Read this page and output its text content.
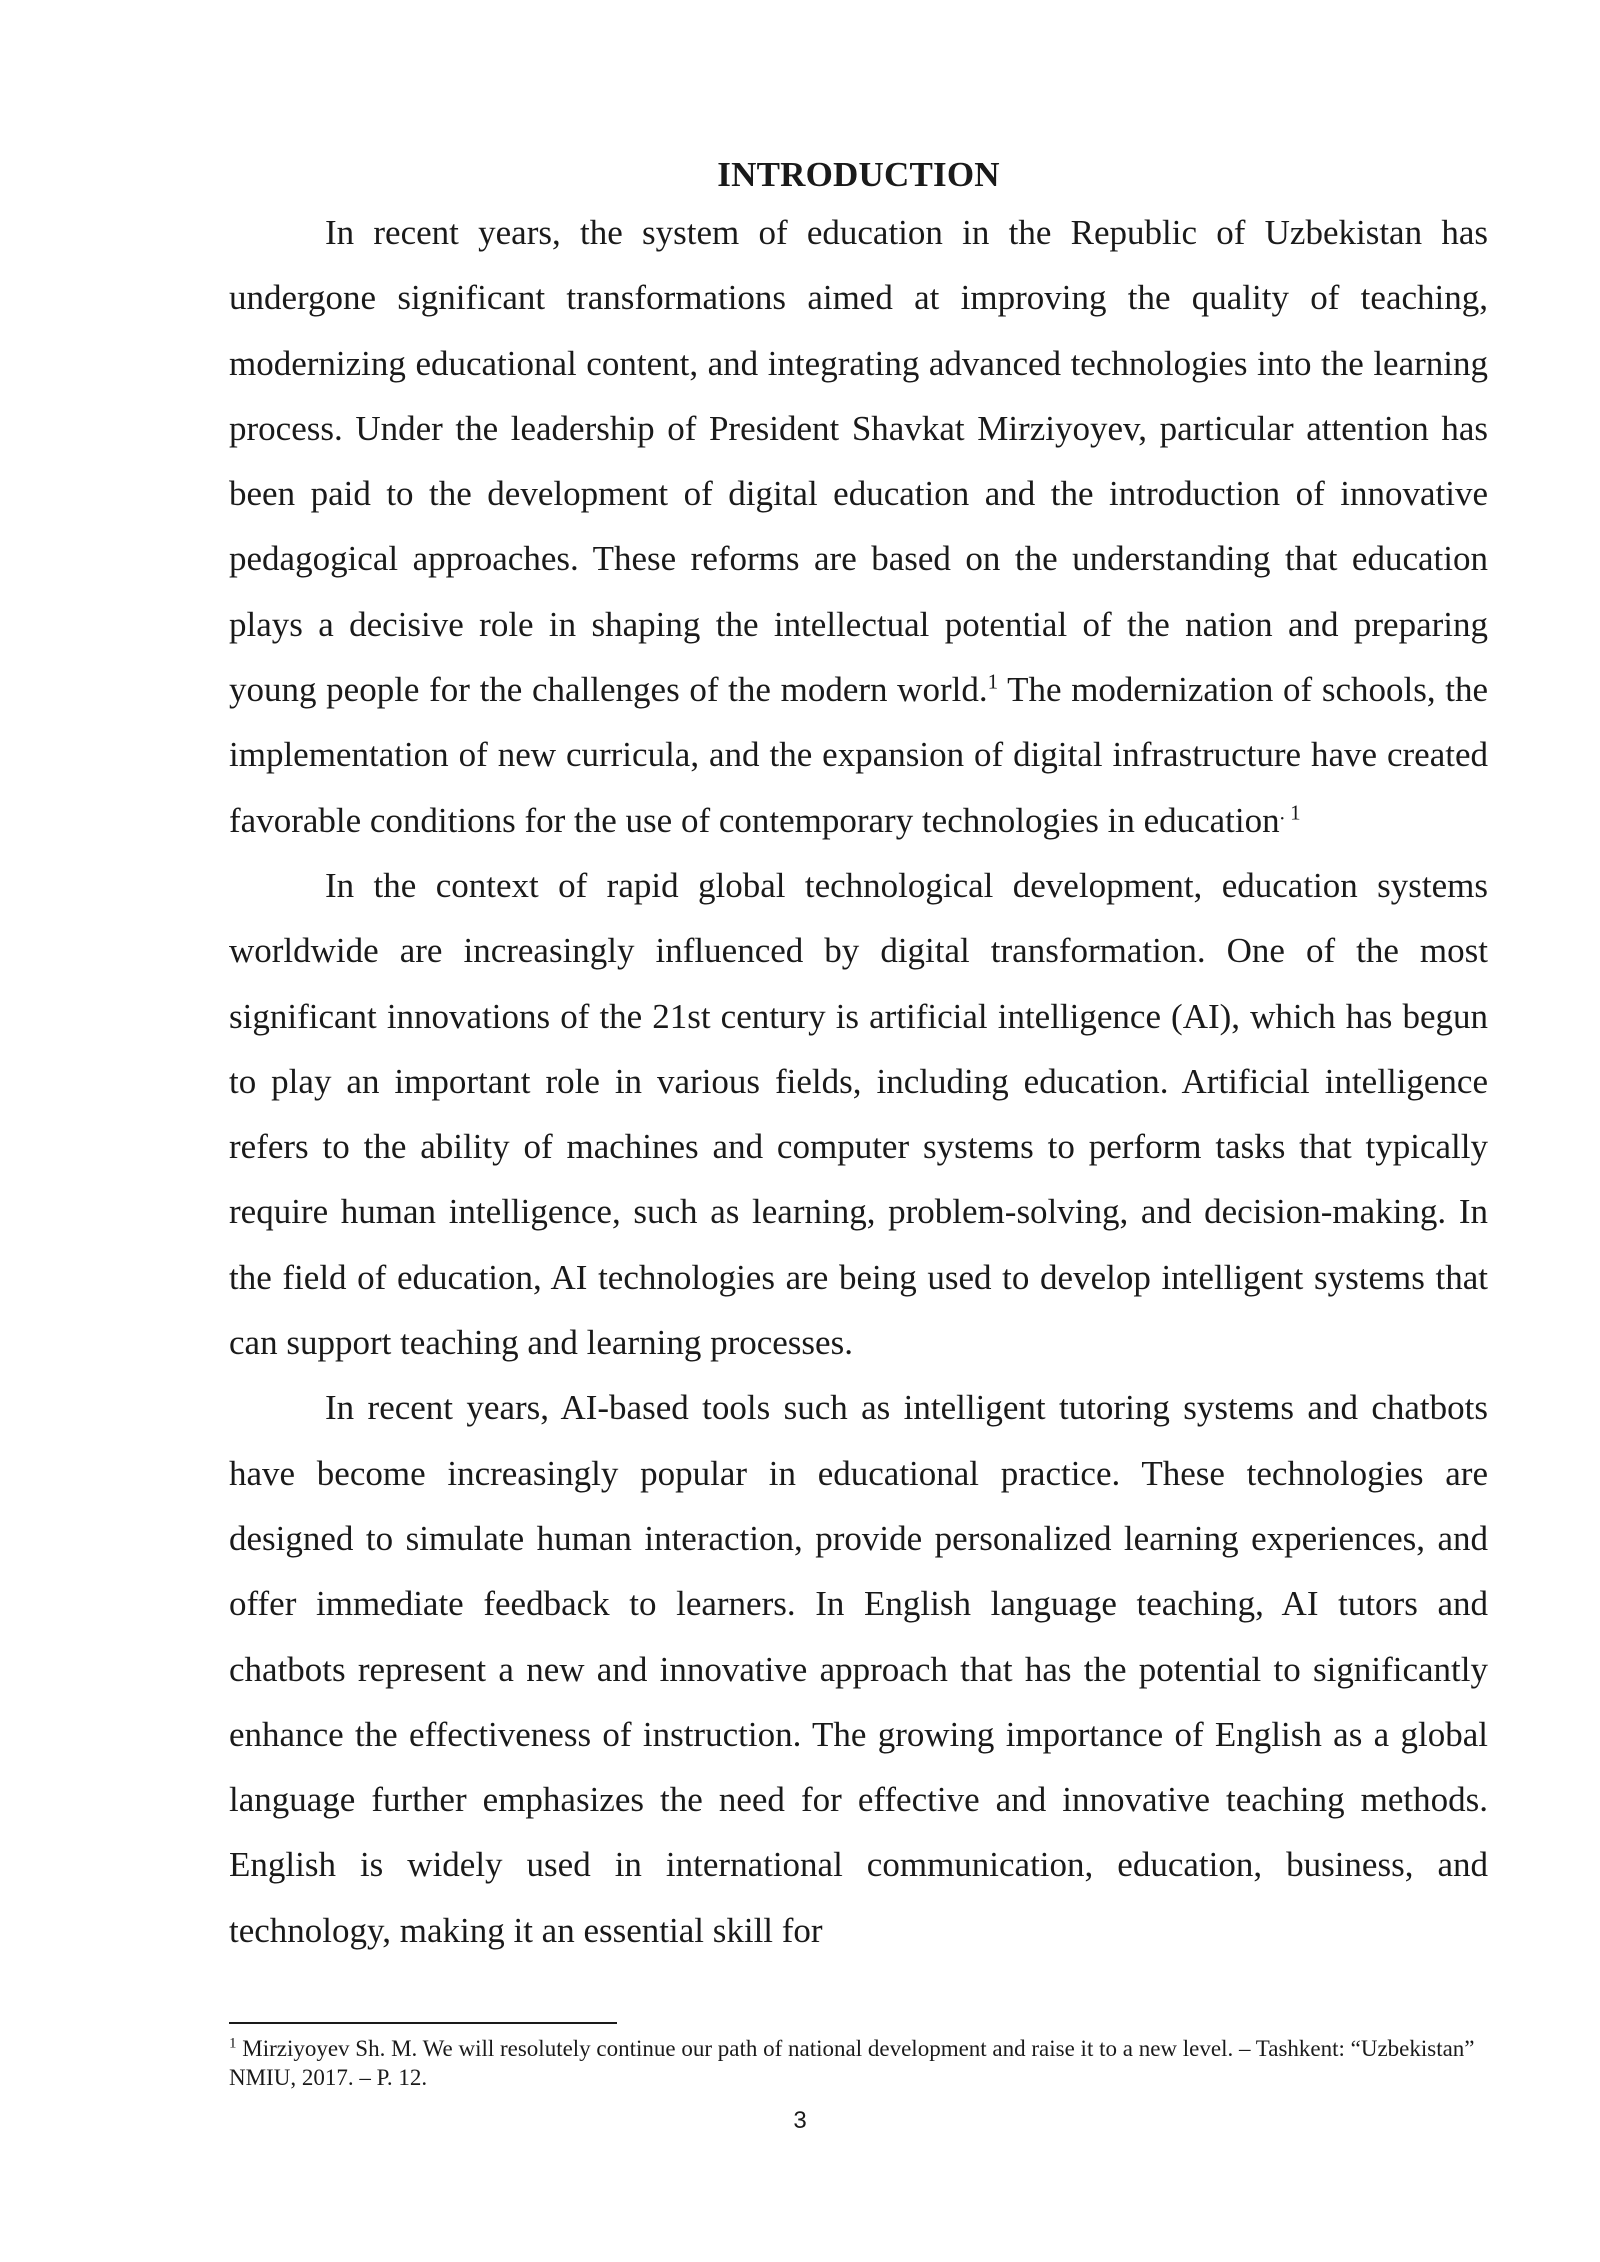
INTRODUCTION

In recent years, the system of education in the Republic of Uzbekistan has undergone significant transformations aimed at improving the quality of teaching, modernizing educational content, and integrating advanced technologies into the learning process. Under the leadership of President Shavkat Mirziyoyev, particular attention has been paid to the development of digital education and the introduction of innovative pedagogical approaches. These reforms are based on the understanding that education plays a decisive role in shaping the intellectual potential of the nation and preparing young people for the challenges of the modern world.$^1$ The modernization of schools, the implementation of new curricula, and the expansion of digital infrastructure have created favorable conditions for the use of contemporary technologies in education$^{. 1}$

In the context of rapid global technological development, education systems worldwide are increasingly influenced by digital transformation. One of the most significant innovations of the 21st century is artificial intelligence (AI), which has begun to play an important role in various fields, including education. Artificial intelligence refers to the ability of machines and computer systems to perform tasks that typically require human intelligence, such as learning, problem-solving, and decision-making. In the field of education, AI technologies are being used to develop intelligent systems that can support teaching and learning processes.

In recent years, AI-based tools such as intelligent tutoring systems and chatbots have become increasingly popular in educational practice. These technologies are designed to simulate human interaction, provide personalized learning experiences, and offer immediate feedback to learners. In English language teaching, AI tutors and chatbots represent a new and innovative approach that has the potential to significantly enhance the effectiveness of instruction. The growing importance of English as a global language further emphasizes the need for effective and innovative teaching methods. English is widely used in international communication, education, business, and technology, making it an essential skill for

$^1$ Mirziyoyev Sh. M. We will resolutely continue our path of national development and raise it to a new level. – Tashkent: “Uzbekistan” NMIU, 2017. – P. 12.

3
